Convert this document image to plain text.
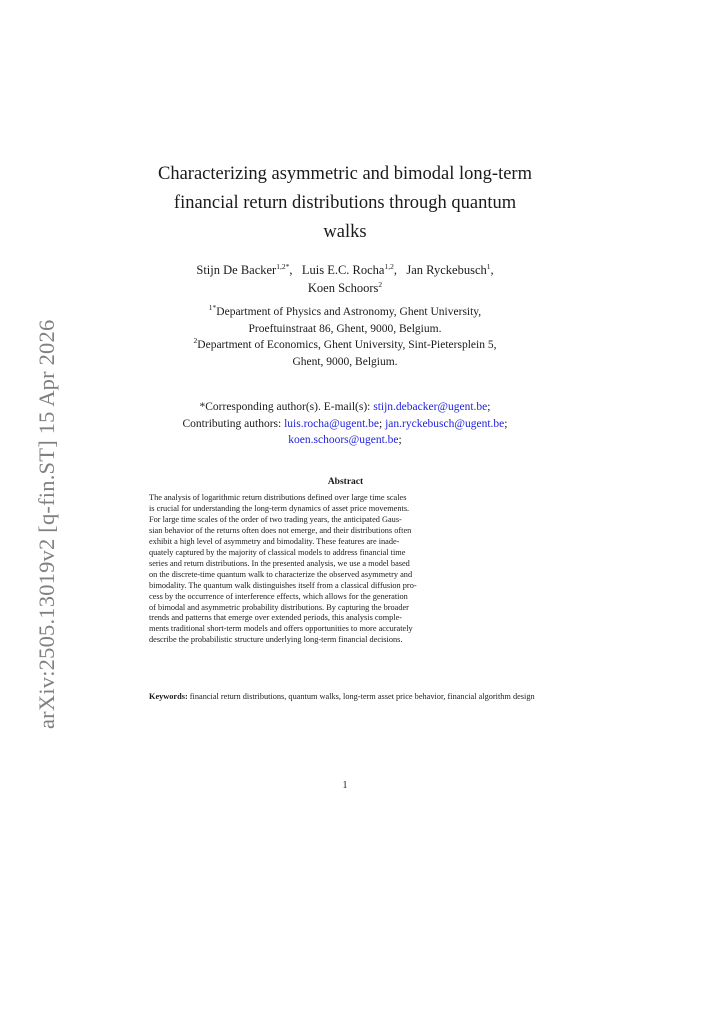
arXiv:2505.13019v2 [q-fin.ST] 15 Apr 2026
Characterizing asymmetric and bimodal long-term
financial return distributions through quantum
walks
Stijn De Backer$^{1,2*}$,   Luis E.C. Rocha$^{1,2}$,   Jan Ryckebusch$^1$,
Koen Schoors$^2$
$^{1*}$Department of Physics and Astronomy, Ghent University,
Proeftuinstraat 86, Ghent, 9000, Belgium.
$^2$Department of Economics, Ghent University, Sint-Pietersplein 5,
Ghent, 9000, Belgium.
*Corresponding author(s). E-mail(s): stijn.debacker@ugent.be;
Contributing authors: luis.rocha@ugent.be; jan.ryckebusch@ugent.be;
koen.schoors@ugent.be;
Abstract
The analysis of logarithmic return distributions defined over large time scales
is crucial for understanding the long-term dynamics of asset price movements.
For large time scales of the order of two trading years, the anticipated Gaus-
sian behavior of the returns often does not emerge, and their distributions often
exhibit a high level of asymmetry and bimodality. These features are inade-
quately captured by the majority of classical models to address financial time
series and return distributions. In the presented analysis, we use a model based
on the discrete-time quantum walk to characterize the observed asymmetry and
bimodality. The quantum walk distinguishes itself from a classical diffusion pro-
cess by the occurrence of interference effects, which allows for the generation
of bimodal and asymmetric probability distributions. By capturing the broader
trends and patterns that emerge over extended periods, this analysis comple-
ments traditional short-term models and offers opportunities to more accurately
describe the probabilistic structure underlying long-term financial decisions.
Keywords: financial return distributions, quantum walks, long-term asset price behavior, financial algorithm design
1
